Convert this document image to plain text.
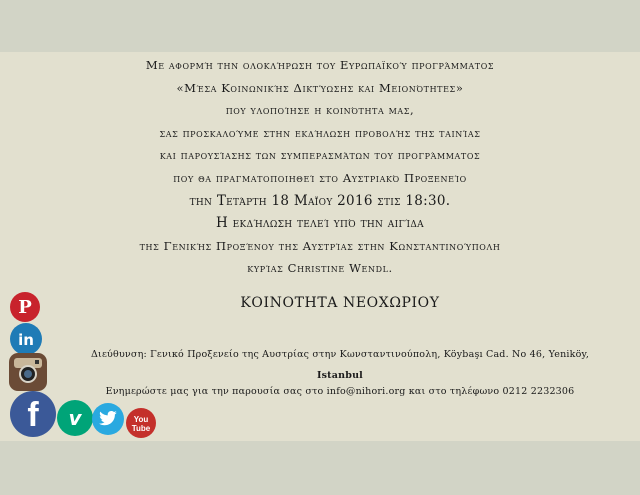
Με αφορμή την ολοκλήρωση του Ευρωπαϊκού προγράμματος
«Μέσα Κοινωνικής Δικτύωσης και Μειονότητες»
που υλοποίησε η κοινότητα μας,
σας προσκαλούμε στην εκδήλωση προβολής της ταινίας
και παρουσίασης των συμπερασμάτων του προγράμματος
που θα πραγματοποιηθεί στο Αυστριακό Προξενείο
την Τετάρτη 18 Μαΐου 2016 στις 18:30.
Η εκδήλωση τελεί υπό την αιγίδα
της Γενικής Προξένου της Αυστρίας στην Κωνσταντινούπολη
κυρίας Christine Wendl.
ΚΟΙΝΟΤΗΤΑ ΝΕΟΧΩΡΙΟΥ
Διεύθυνση: Γενικό Προξενείο της Αυστρίας στην Κωνσταντινούπολη, Köybaşı Cad. No 46, Yeniköy,
Istanbul
Ενημερώστε μας για την παρουσία σας στο info@nihori.org και στο τηλέφωνο 0212 2232306
P
in
f v	You
Tube
